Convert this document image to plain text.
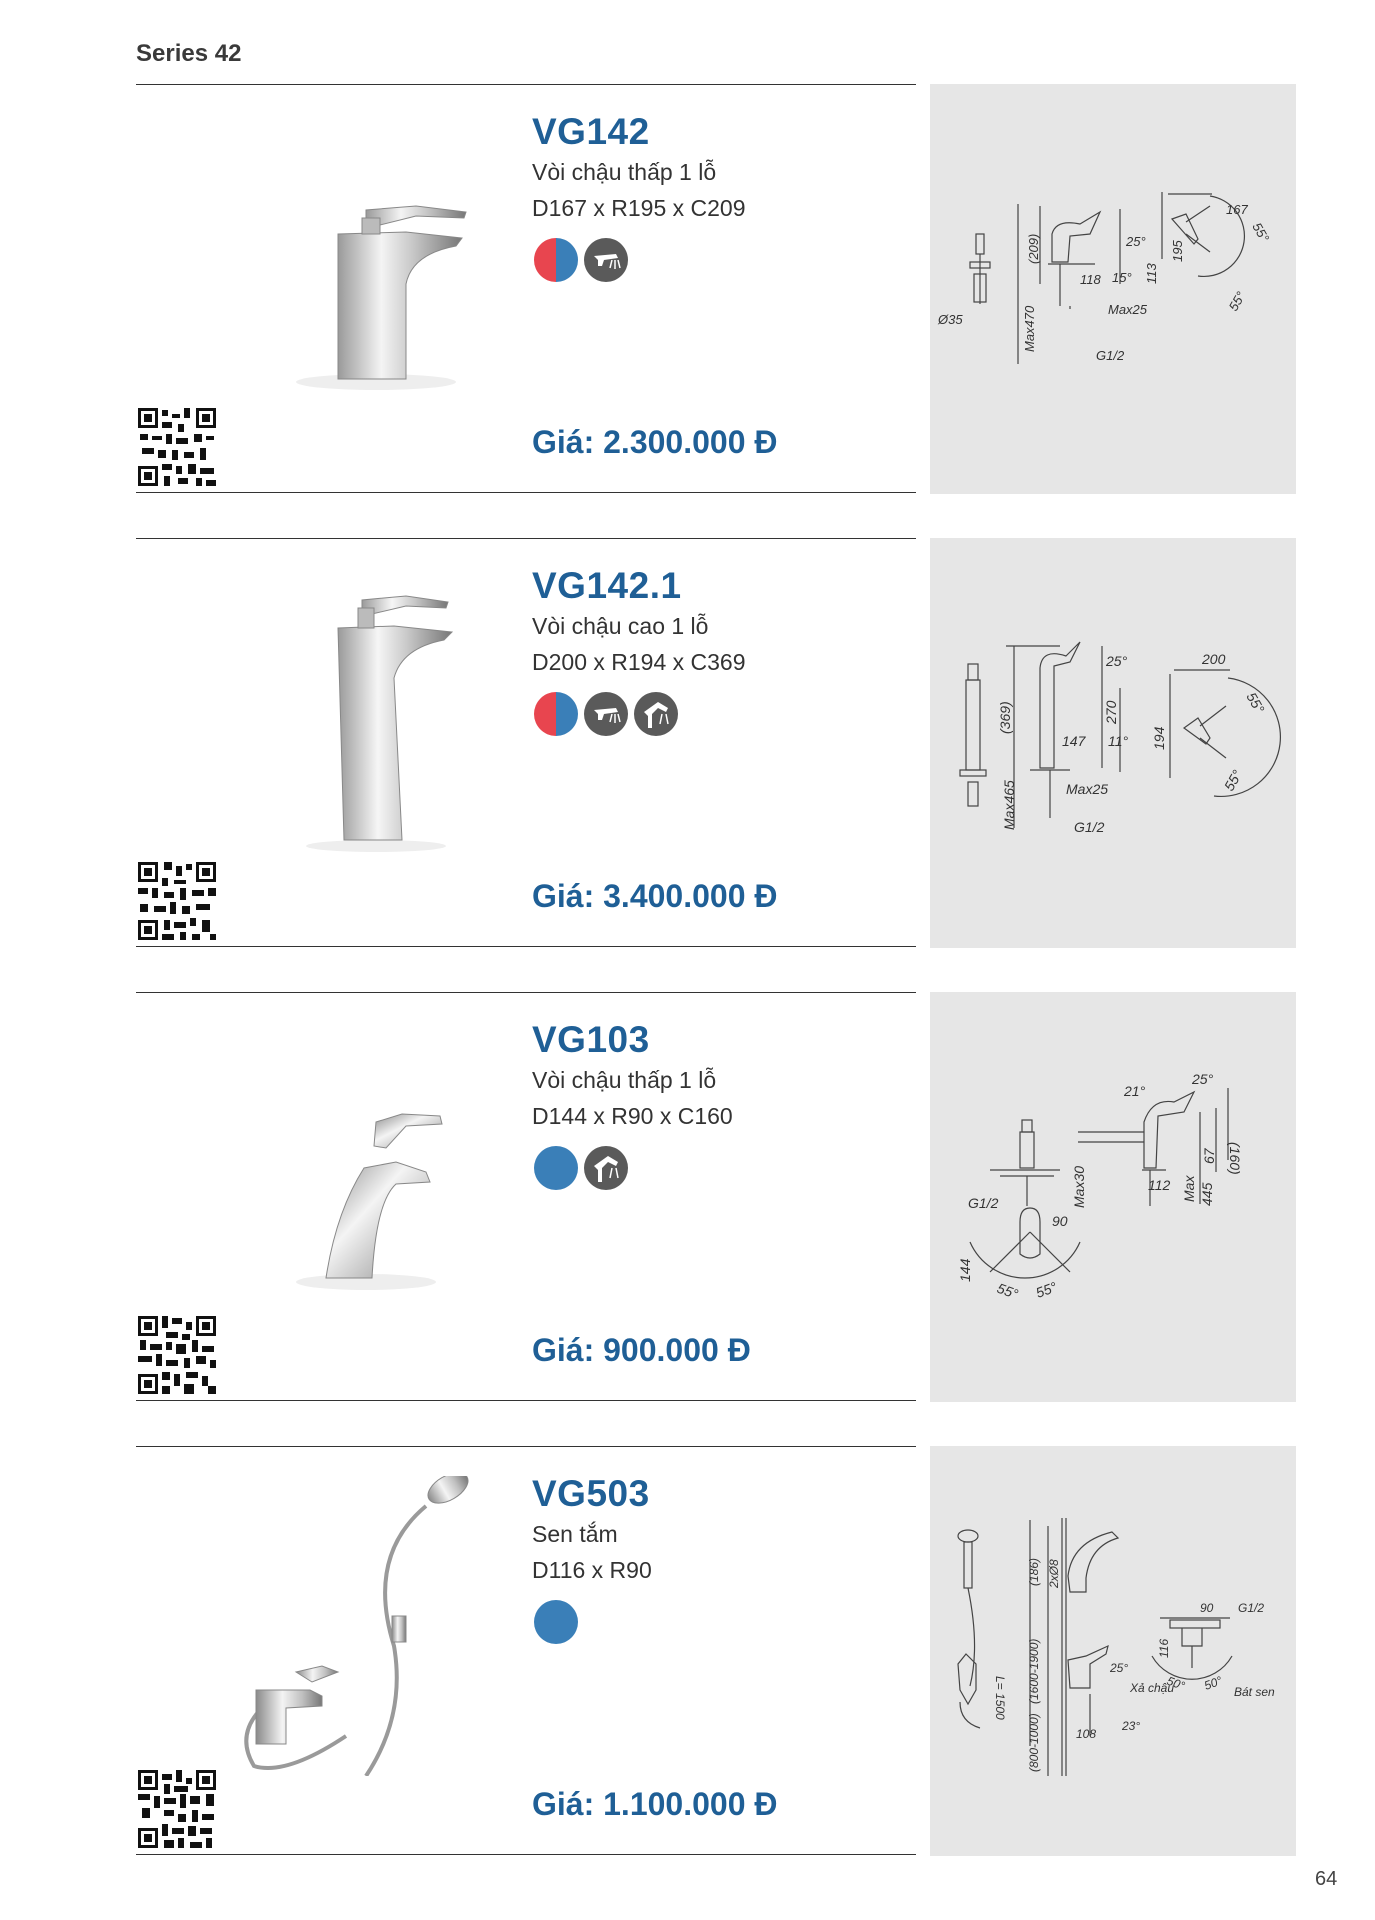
Series 42
VG142
Vòi chậu thấp 1 lỗ
D167 x R195 x C209
Giá: 2.300.000 Đ
Ø35
25°
118 15° 113
Max25
(209)
Max470
G1/2
167
195
55°
55°
VG142.1
Vòi chậu cao 1 lỗ
D200 x R194 x C369
Giá: 3.400.000 Đ
25°
(369)	270
147 11°
Max465	Max25
G1/2
200
194
55°
55°
VG103
Vòi chậu thấp 1 lỗ
D144 x R90 x C160
Giá: 900.000 Đ
21°
25°
(160)
67
Max30	112 Max 445
G1/2
90
144
55° 55°
VG503
Sen tắm
D116 x R90
Giá: 1.100.000 Đ
(186) 2xØ8
(1600-1900)
(800-1000)
L= 1500
25°
Xả chậu
108
23°
90 G1/2
116
50° 50° Bát sen
64
